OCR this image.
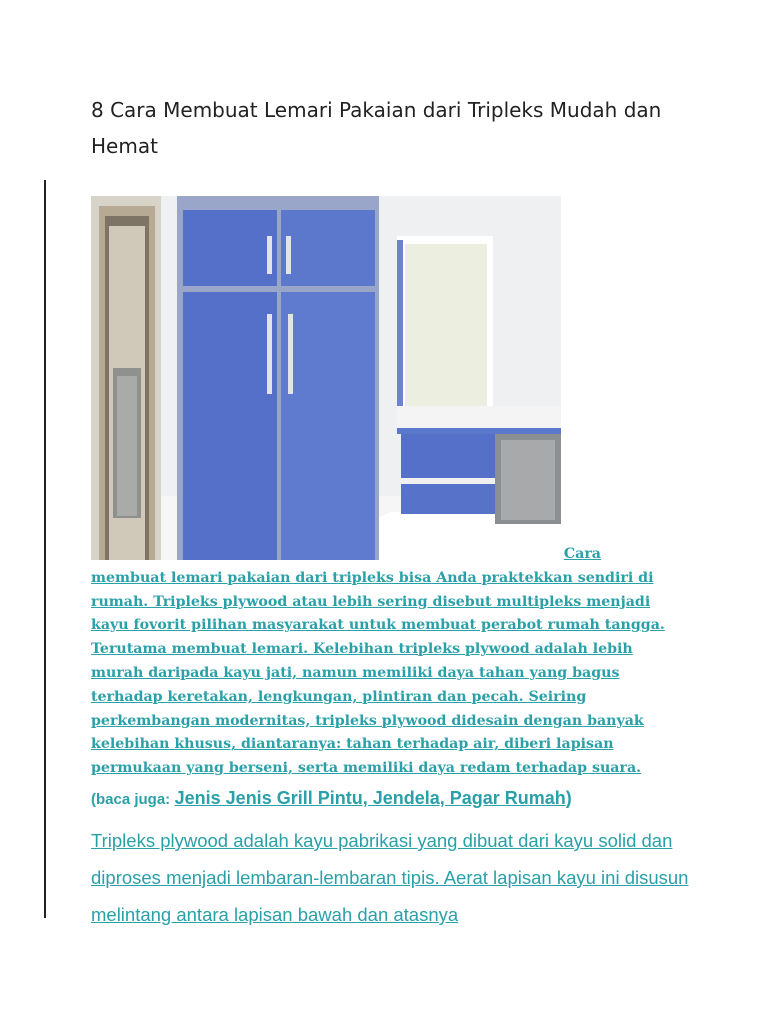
8 Cara Membuat Lemari Pakaian dari Tripleks Mudah dan Hemat

Cara
membuat lemari pakaian dari tripleks bisa Anda praktekkan sendiri di rumah. Tripleks plywood atau lebih sering disebut multipleks menjadi kayu fovorit pilihan masyarakat untuk membuat perabot rumah tangga. Terutama membuat lemari. Kelebihan tripleks plywood adalah lebih murah daripada kayu jati, namun memiliki daya tahan yang bagus terhadap keretakan, lengkungan, plintiran dan pecah. Seiring perkembangan modernitas, tripleks plywood didesain dengan banyak kelebihan khusus, diantaranya: tahan terhadap air, diberi lapisan permukaan yang berseni, serta memiliki daya redam terhadap suara.

(baca juga: Jenis Jenis Grill Pintu, Jendela, Pagar Rumah)

Tripleks plywood adalah kayu pabrikasi yang dibuat dari kayu solid dan diproses menjadi lembaran-lembaran tipis. Aerat lapisan kayu ini disusun melintang antara lapisan bawah dan atasnya
